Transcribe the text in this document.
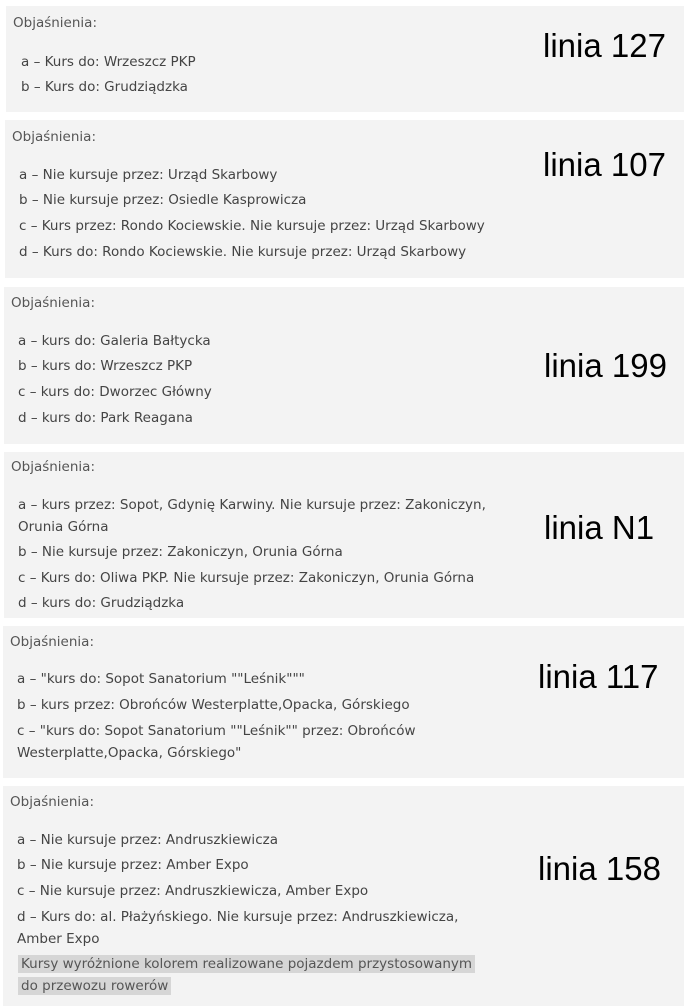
Objaśnienia:
a – Kurs do: Wrzeszcz PKP
b – Kurs do: Grudziądzka
linia 127
Objaśnienia:
a – Nie kursuje przez: Urząd Skarbowy
b – Nie kursuje przez: Osiedle Kasprowicza
c – Kurs przez: Rondo Kociewskie. Nie kursuje przez: Urząd Skarbowy
d – Kurs do: Rondo Kociewskie. Nie kursuje przez: Urząd Skarbowy
linia 107
Objaśnienia:
a – kurs do: Galeria Bałtycka
b – kurs do: Wrzeszcz PKP
c – kurs do: Dworzec Główny
d – kurs do: Park Reagana
linia 199
Objaśnienia:
a – kurs przez: Sopot, Gdynię Karwiny. Nie kursuje przez: Zakoniczyn, Orunia Górna
b – Nie kursuje przez: Zakoniczyn, Orunia Górna
c – Kurs do: Oliwa PKP. Nie kursuje przez: Zakoniczyn, Orunia Górna
d – kurs do: Grudziądzka
linia N1
Objaśnienia:
a – "kurs do: Sopot Sanatorium ""Leśnik"""
b – kurs przez: Obrońców Westerplatte,Opacka, Górskiego
c – "kurs do: Sopot Sanatorium ""Leśnik"" przez: Obrońców Westerplatte,Opacka, Górskiego"
linia 117
Objaśnienia:
a – Nie kursuje przez: Andruszkiewicza
b – Nie kursuje przez: Amber Expo
c – Nie kursuje przez: Andruszkiewicza, Amber Expo
d – Kurs do: al. Płażyńskiego. Nie kursuje przez: Andruszkiewicza, Amber Expo
Kursy wyróżnione kolorem realizowane pojazdem przystosowanym do przewozu rowerów
linia 158
